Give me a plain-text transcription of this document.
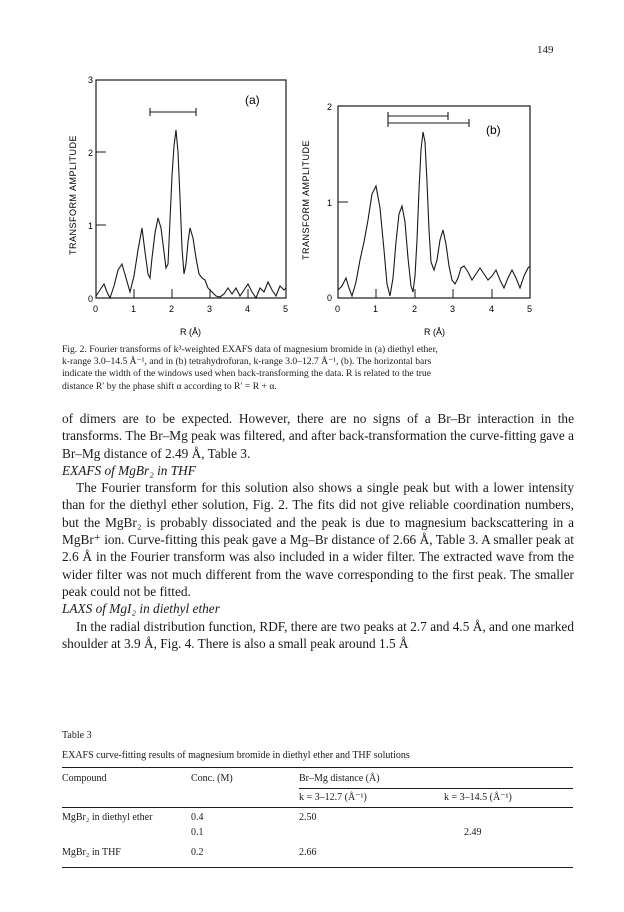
149
TRANSFORM AMPLITUDE
3
2
1
0
0	1	2	3	4	5
R (Å)
(a)
TRANSFORM AMPLITUDE
2
1
0
0	1	2	3	4	5
R (Å)
(b)
Fig. 2. Fourier transforms of k³-weighted EXAFS data of magnesium bromide in (a) diethyl ether,
k-range 3.0–14.5 Å⁻¹, and in (b) tetrahydrofuran, k-range 3.0–12.7 Å⁻¹, (b). The horizontal bars
indicate the width of the windows used when back-transforming the data. R is related to the true
distance R′ by the phase shift α according to R′ = R + α.

of dimers are to be expected. However, there are no signs of a Br–Br interaction in the transforms. The Br–Mg peak was filtered, and after back-transformation the curve-fitting gave a Br–Mg distance of 2.49 Å, Table 3.

EXAFS of MgBr₂ in THF

The Fourier transform for this solution also shows a single peak but with a lower intensity than for the diethyl ether solution, Fig. 2. The fits did not give reliable coordination numbers, but the MgBr₂ is probably dissociated and the peak is due to magnesium backscattering in a MgBr⁺ ion. Curve-fitting this peak gave a Mg–Br distance of 2.66 Å, Table 3. A smaller peak at 2.6 Å in the Fourier transform was also included in a wider filter. The extracted wave from the wider filter was not much different from the wave corresponding to the first peak. The smaller peak could not be fitted.

LAXS of MgI₂ in diethyl ether

In the radial distribution function, RDF, there are two peaks at 2.7 and 4.5 Å, and one marked shoulder at 3.9 Å, Fig. 4. There is also a small peak around 1.5 Å

Table 3
EXAFS curve-fitting results of magnesium bromide in diethyl ether and THF solutions
Compound	Conc. (M)	Br–Mg distance (Å)	
		k = 3–12.7 (Å⁻¹)	k = 3–14.5 (Å⁻¹)
MgBr₂ in diethyl ether	0.4	2.50	
	0.1		2.49
MgBr₂ in THF	0.2	2.66	
